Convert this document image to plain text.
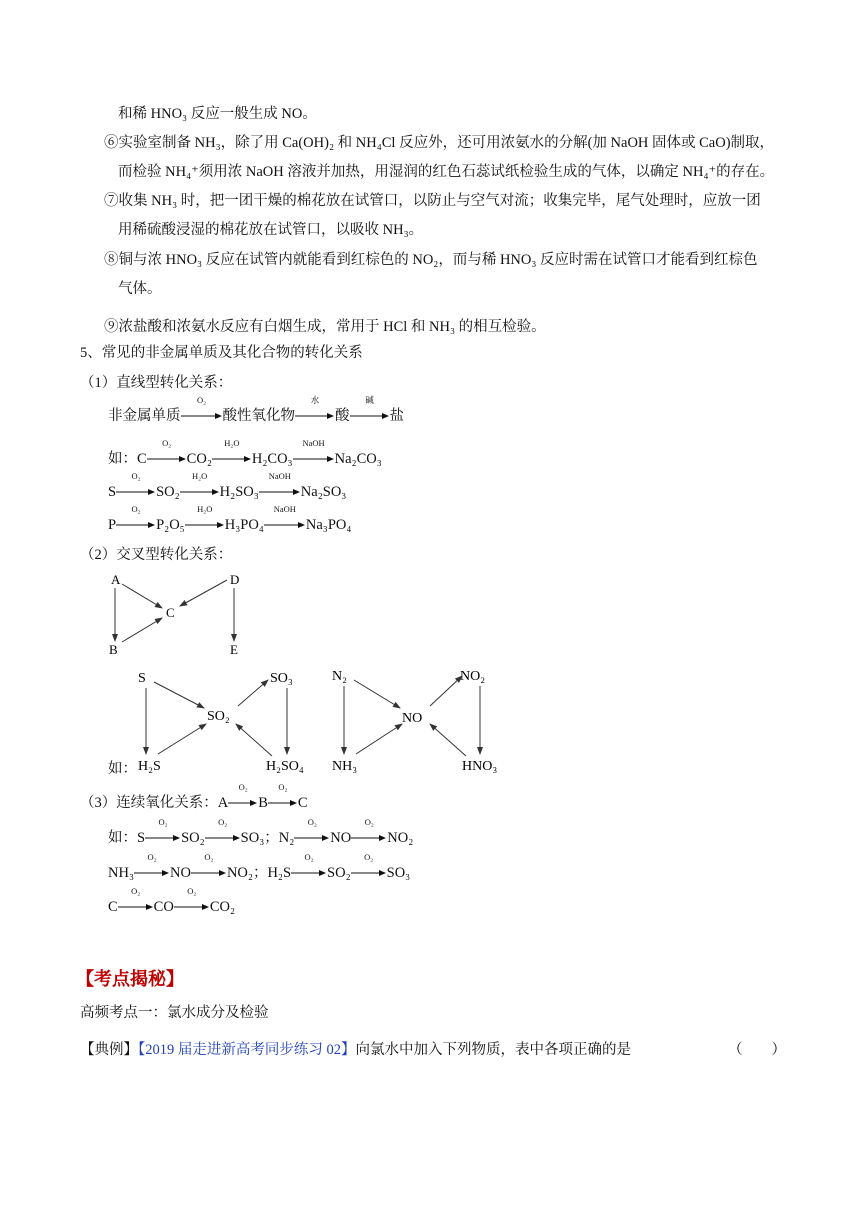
和稀 HNO₃ 反应一般生成 NO。
⑥实验室制备 NH₃，除了用 Ca(OH)₂ 和 NH₄Cl 反应外，还可用浓氨水的分解(加 NaOH 固体或 CaO)制取，
而检验 NH₄⁺须用浓 NaOH 溶液并加热，用湿润的红色石蕊试纸检验生成的气体，以确定 NH₄⁺的存在。
⑦收集 NH₃ 时，把一团干燥的棉花放在试管口，以防止与空气对流；收集完毕，尾气处理时，应放一团
用稀硫酸浸湿的棉花放在试管口，以吸收 NH₃。
⑧铜与浓 HNO₃ 反应在试管内就能看到红棕色的 NO₂，而与稀 HNO₃ 反应时需在试管口才能看到红棕色
气体。
⑨浓盐酸和浓氨水反应有白烟生成，常用于 HCl 和 NH₃ 的相互检验。
5、常见的非金属单质及其化合物的转化关系
（1）直线型转化关系：
非金属单质
O₂
酸性氧化物
水
酸
碱
盐
如：C
O₂
CO₂
H₂O
H₂CO₃
NaOH
Na₂CO₃
S
O₂
SO₂
H₂O
H₂SO₃
NaOH
Na₂SO₃
P
O₂
P₂O₅
H₂O
H₃PO₄
NaOH
Na₃PO₄
（2）交叉型转化关系：
A
B
C
D
E
如：
S
H₂S
SO₂
SO₃
H₂SO₄
N₂
NH₃
NO
NO₂
HNO₃
（3）连续氧化关系：A
O₂
B
O₂
C
如：S
O₂
SO₂
O₂
SO₃；N₂
O₂
NO
O₂
NO₂
NH₃
O₂
NO
O₂
NO₂；H₂S
O₂
SO₂
O₂
SO₃
C
O₂
CO
O₂
CO₂
【考点揭秘】
高频考点一：氯水成分及检验
【典例】【2019 届走进新高考同步练习 02】向氯水中加入下列物质，表中各项正确的是	（　　）
